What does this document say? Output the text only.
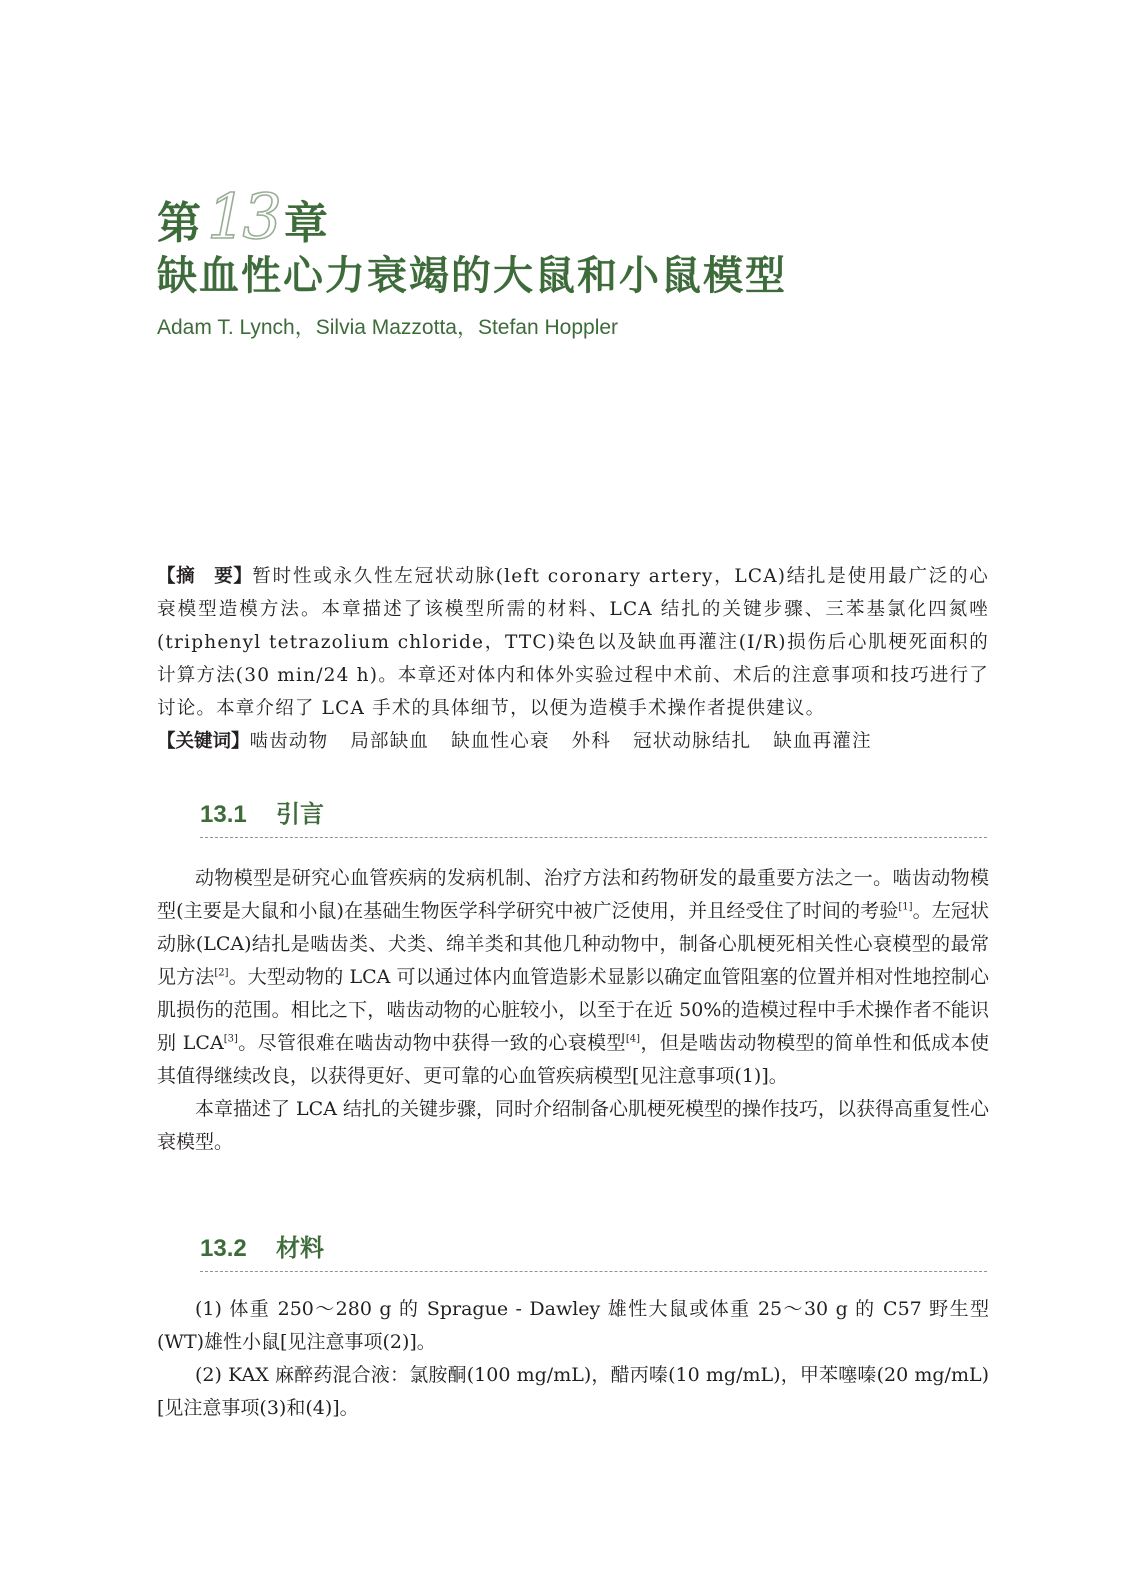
第 13 章
缺血性心力衰竭的大鼠和小鼠模型
Adam T. Lynch，Silvia Mazzotta，Stefan Hoppler

【摘　要】暂时性或永久性左冠状动脉(left coronary artery，LCA)结扎是使用最广泛的心衰模型造模方法。本章描述了该模型所需的材料、LCA 结扎的关键步骤、三苯基氯化四氮唑(triphenyl tetrazolium chloride，TTC)染色以及缺血再灌注(I/R)损伤后心肌梗死面积的计算方法(30 min/24 h)。本章还对体内和体外实验过程中术前、术后的注意事项和技巧进行了讨论。本章介绍了 LCA 手术的具体细节，以便为造模手术操作者提供建议。

【关键词】啮齿动物 局部缺血 缺血性心衰 外科 冠状动脉结扎 缺血再灌注

13.1 引言

动物模型是研究心血管疾病的发病机制、治疗方法和药物研发的最重要方法之一。啮齿动物模型(主要是大鼠和小鼠)在基础生物医学科学研究中被广泛使用，并且经受住了时间的考验[1]。左冠状动脉(LCA)结扎是啮齿类、犬类、绵羊类和其他几种动物中，制备心肌梗死相关性心衰模型的最常见方法[2]。大型动物的 LCA 可以通过体内血管造影术显影以确定血管阻塞的位置并相对性地控制心肌损伤的范围。相比之下，啮齿动物的心脏较小，以至于在近 50%的造模过程中手术操作者不能识别 LCA[3]。尽管很难在啮齿动物中获得一致的心衰模型[4]，但是啮齿动物模型的简单性和低成本使其值得继续改良，以获得更好、更可靠的心血管疾病模型[见注意事项(1)]。

本章描述了 LCA 结扎的关键步骤，同时介绍制备心肌梗死模型的操作技巧，以获得高重复性心衰模型。

13.2 材料

(1) 体重 250～280 g 的 Sprague - Dawley 雄性大鼠或体重 25～30 g 的 C57 野生型(WT)雄性小鼠[见注意事项(2)]。

(2) KAX 麻醉药混合液：氯胺酮(100 mg/mL)，醋丙嗪(10 mg/mL)，甲苯噻嗪(20 mg/mL)[见注意事项(3)和(4)]。
